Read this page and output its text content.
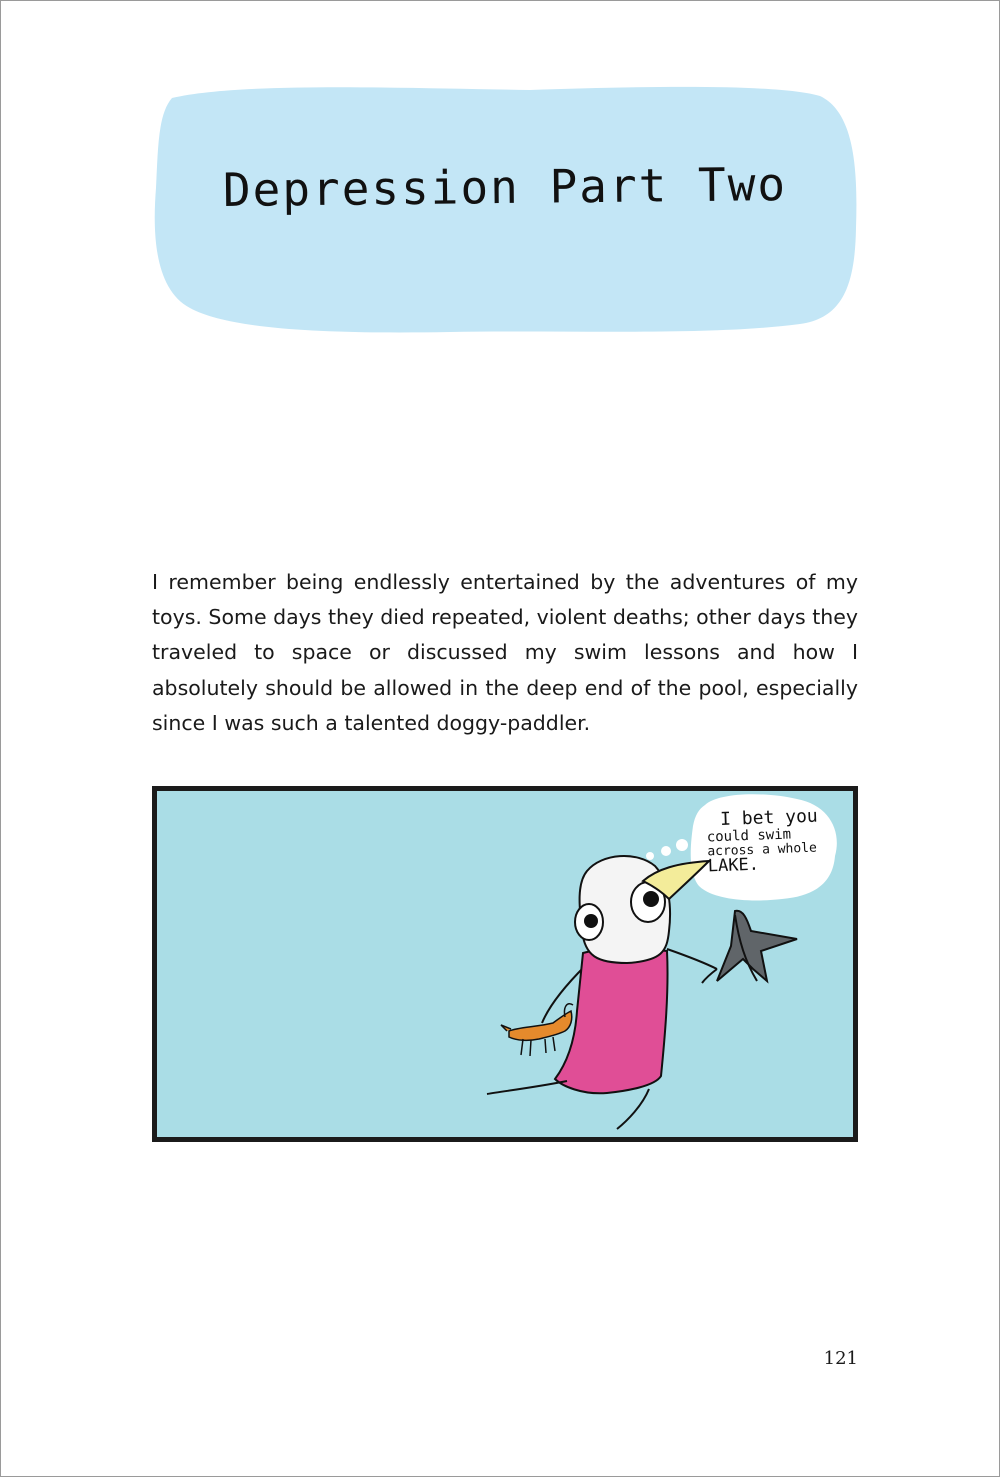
Depression Part Two

I remember being endlessly entertained by the adventures of my toys. Some days they died repeated, violent deaths; other days they traveled to space or discussed my swim lessons and how I absolutely should be allowed in the deep end of the pool, especially since I was such a talented doggy-paddler.

I bet you
could swim
across a whole
LAKE.
121
